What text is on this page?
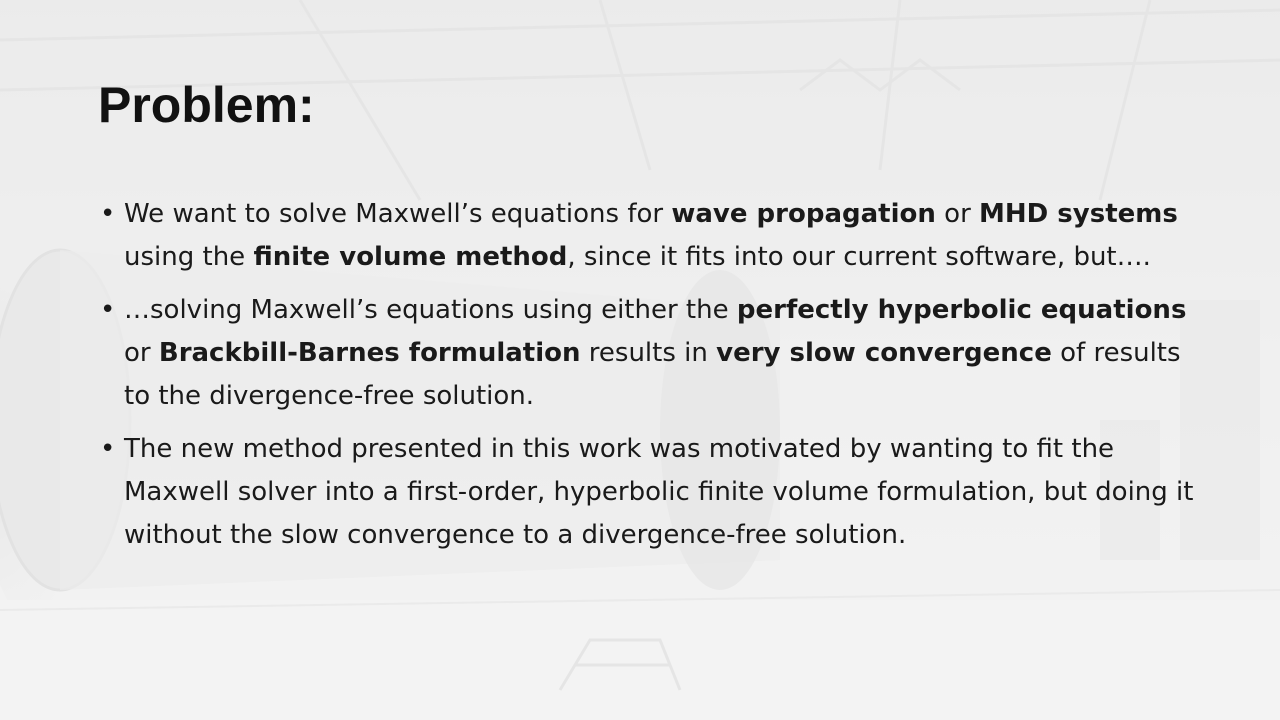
Problem:
• We want to solve Maxwell’s equations for wave propagation or MHD systems using the finite volume method, since it fits into our current software, but….
• …solving Maxwell’s equations using either the perfectly hyperbolic equations or Brackbill-Barnes formulation results in very slow convergence of results to the divergence-free solution.
• The new method presented in this work was motivated by wanting to fit the Maxwell solver into a first-order, hyperbolic finite volume formulation, but doing it without the slow convergence to a divergence-free solution.
